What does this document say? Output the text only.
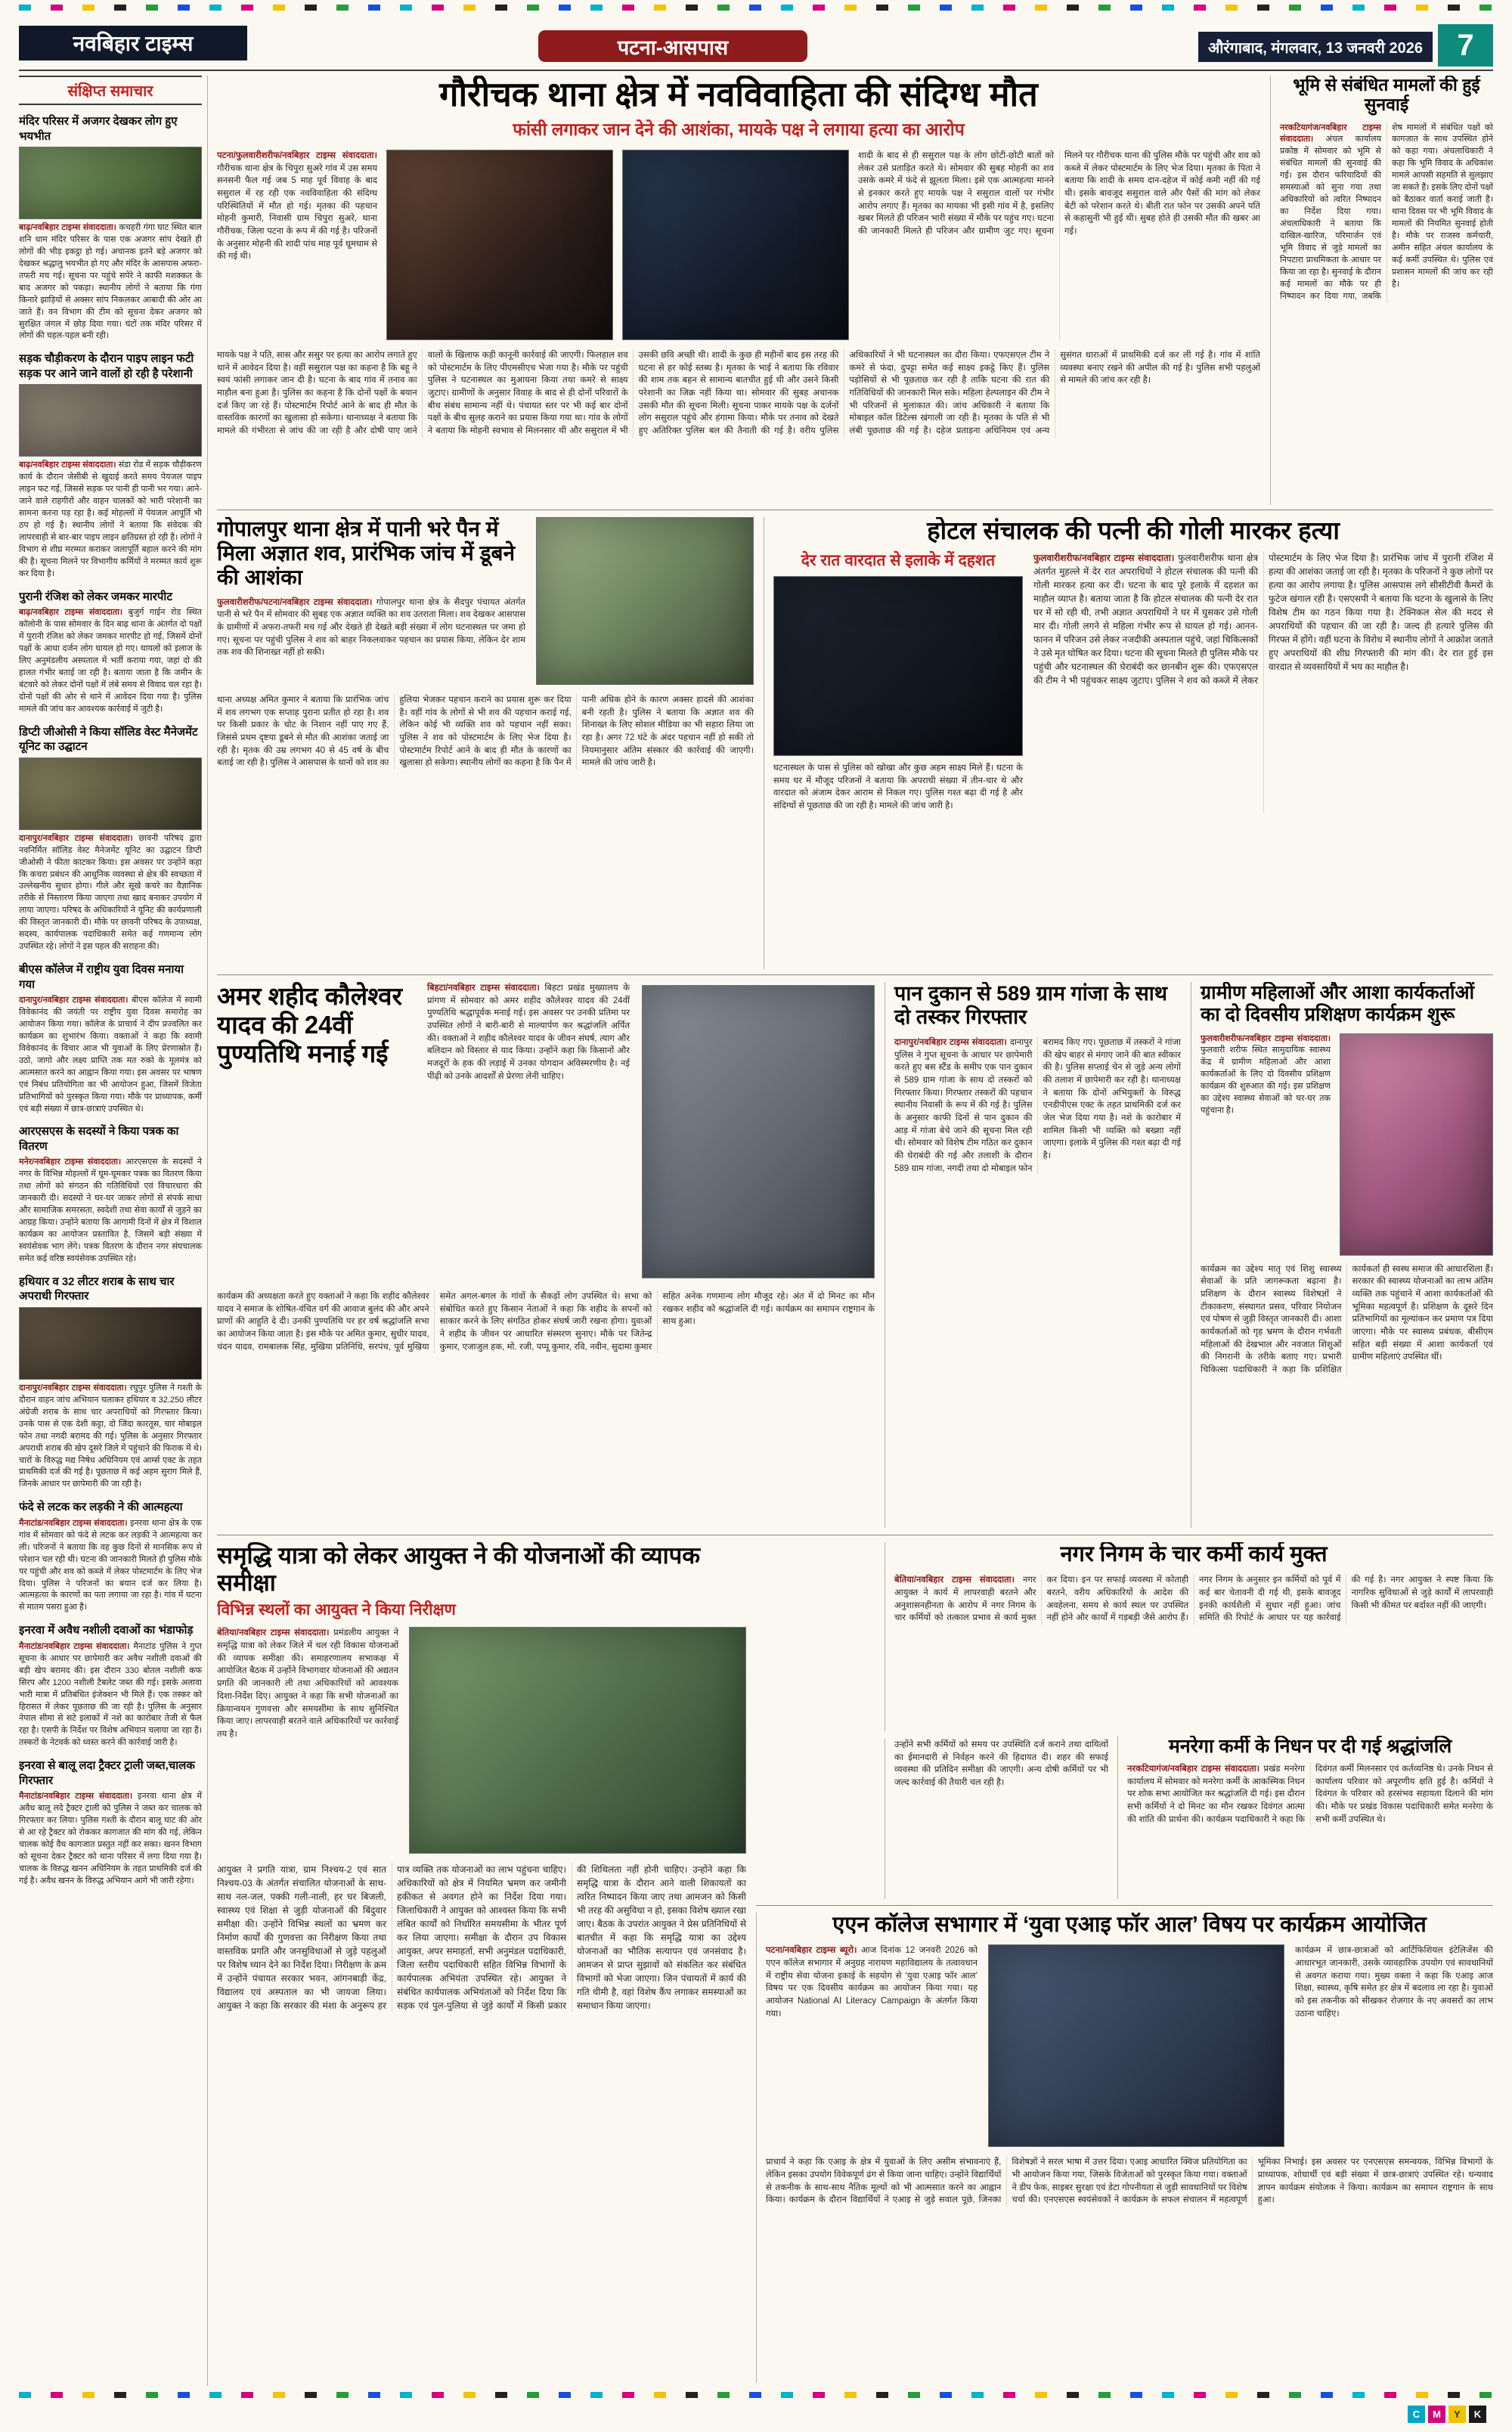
नवबिहार टाइम्स	पटना-आसपास	औरंगाबाद, मंगलवार, 13 जनवरी 2026 7
संक्षिप्त समाचार
मंदिर परिसर में अजगर देखकर लोग हुए भयभीत

बाढ़/नवबिहार टाइम्स संवाददाता। कचहरी गंगा घाट स्थित बाल शनि धाम मंदिर परिसर के पास एक अजगर सांप देखते ही लोगों की भीड़ इकट्ठा हो गई। अचानक इतने बड़े अजगर को देखकर श्रद्धालु भयभीत हो गए और मंदिर के आसपास अफरा-तफरी मच गई। सूचना पर पहुंचे सपेरे ने काफी मशक्कत के बाद अजगर को पकड़ा। स्थानीय लोगों ने बताया कि गंगा किनारे झाड़ियों से अक्सर सांप निकलकर आबादी की ओर आ जाते हैं। वन विभाग की टीम को सूचना देकर अजगर को सुरक्षित जंगल में छोड़ दिया गया। घंटों तक मंदिर परिसर में लोगों की चहल-पहल बनी रही।

सड़क चौड़ीकरण के दौरान पाइप लाइन फटी सड़क पर आने जाने वालों हो रही है परेशानी

बाढ़/नवबिहार टाइम्स संवाददाता। संडा रोड में सड़क चौड़ीकरण कार्य के दौरान जेसीबी से खुदाई करते समय पेयजल पाइप लाइन फट गई, जिससे सड़क पर पानी ही पानी भर गया। आने-जाने वाले राहगीरों और वाहन चालकों को भारी परेशानी का सामना करना पड़ रहा है। कई मोहल्लों में पेयजल आपूर्ति भी ठप हो गई है। स्थानीय लोगों ने बताया कि संवेदक की लापरवाही से बार-बार पाइप लाइन क्षतिग्रस्त हो रही है। लोगों ने विभाग से शीघ्र मरम्मत कराकर जलापूर्ति बहाल करने की मांग की है। सूचना मिलने पर विभागीय कर्मियों ने मरम्मत कार्य शुरू कर दिया है।

पुरानी रंजिश को लेकर जमकर मारपीट

बाढ़/नवबिहार टाइम्स संवाददाता। बुजुर्ग गाईन रोड स्थित कॉलोनी के पास सोमवार के दिन बाढ़ थाना के अंतर्गत दो पक्षों में पुरानी रंजिश को लेकर जमकर मारपीट हो गई, जिसमें दोनों पक्षों के आधा दर्जन लोग घायल हो गए। घायलों को इलाज के लिए अनुमंडलीय अस्पताल में भर्ती कराया गया, जहां दो की हालत गंभीर बताई जा रही है। बताया जाता है कि जमीन के बंटवारे को लेकर दोनों पक्षों में लंबे समय से विवाद चल रहा है। दोनों पक्षों की ओर से थाने में आवेदन दिया गया है। पुलिस मामले की जांच कर आवश्यक कार्रवाई में जुटी है।

डिप्टी जीओसी ने किया सॉलिड वेस्ट मैनेजमेंट यूनिट का उद्घाटन

दानापुर/नवबिहार टाइम्स संवाददाता। छावनी परिषद द्वारा नवनिर्मित सॉलिड वेस्ट मैनेजमेंट यूनिट का उद्घाटन डिप्टी जीओसी ने फीता काटकर किया। इस अवसर पर उन्होंने कहा कि कचरा प्रबंधन की आधुनिक व्यवस्था से क्षेत्र की स्वच्छता में उल्लेखनीय सुधार होगा। गीले और सूखे कचरे का वैज्ञानिक तरीके से निस्तारण किया जाएगा तथा खाद बनाकर उपयोग में लाया जाएगा। परिषद के अधिकारियों ने यूनिट की कार्यप्रणाली की विस्तृत जानकारी दी। मौके पर छावनी परिषद के उपाध्यक्ष, सदस्य, कार्यपालक पदाधिकारी समेत कई गणमान्य लोग उपस्थित रहे। लोगों ने इस पहल की सराहना की।

बीएस कॉलेज में राष्ट्रीय युवा दिवस मनाया गया

दानापुर/नवबिहार टाइम्स संवाददाता। बीएस कॉलेज में स्वामी विवेकानंद की जयंती पर राष्ट्रीय युवा दिवस समारोह का आयोजन किया गया। कॉलेज के प्राचार्य ने दीप प्रज्वलित कर कार्यक्रम का शुभारंभ किया। वक्ताओं ने कहा कि स्वामी विवेकानंद के विचार आज भी युवाओं के लिए प्रेरणास्रोत हैं। उठो, जागो और लक्ष्य प्राप्ति तक मत रुको के मूलमंत्र को आत्मसात करने का आह्वान किया गया। इस अवसर पर भाषण एवं निबंध प्रतियोगिता का भी आयोजन हुआ, जिसमें विजेता प्रतिभागियों को पुरस्कृत किया गया। मौके पर प्राध्यापक, कर्मी एवं बड़ी संख्या में छात्र-छात्राएं उपस्थित थे।

आरएसएस के सदस्यों ने किया पत्रक का वितरण

मनेर/नवबिहार टाइम्स संवाददाता। आरएसएस के सदस्यों ने नगर के विभिन्न मोहल्लों में घूम-घूमकर पत्रक का वितरण किया तथा लोगों को संगठन की गतिविधियों एवं विचारधारा की जानकारी दी। सदस्यों ने घर-घर जाकर लोगों से संपर्क साधा और सामाजिक समरसता, स्वदेशी तथा सेवा कार्यों से जुड़ने का आग्रह किया। उन्होंने बताया कि आगामी दिनों में क्षेत्र में विशाल कार्यक्रम का आयोजन प्रस्तावित है, जिसमें बड़ी संख्या में स्वयंसेवक भाग लेंगे। पत्रक वितरण के दौरान नगर संघचालक समेत कई वरिष्ठ स्वयंसेवक उपस्थित रहे।

हथियार व 32 लीटर शराब के साथ चार अपराधी गिरफ्तार

दानापुर/नवबिहार टाइम्स संवाददाता। रघुपुर पुलिस ने गश्ती के दौरान वाहन जांच अभियान चलाकर हथियार व 32.250 लीटर अंग्रेजी शराब के साथ चार अपराधियों को गिरफ्तार किया। उनके पास से एक देशी कट्टा, दो जिंदा कारतूस, चार मोबाइल फोन तथा नगदी बरामद की गई। पुलिस के अनुसार गिरफ्तार अपराधी शराब की खेप दूसरे जिले में पहुंचाने की फिराक में थे। चारों के विरुद्ध मद्य निषेध अधिनियम एवं आर्म्स एक्ट के तहत प्राथमिकी दर्ज की गई है। पूछताछ में कई अहम सुराग मिले हैं, जिनके आधार पर छापेमारी की जा रही है।

फंदे से लटक कर लड़की ने की आत्महत्या

मैनाटांड/नवबिहार टाइम्स संवाददाता। इनरवा थाना क्षेत्र के एक गांव में सोमवार को फंदे से लटक कर लड़की ने आत्महत्या कर ली। परिजनों ने बताया कि वह कुछ दिनों से मानसिक रूप से परेशान चल रही थी। घटना की जानकारी मिलते ही पुलिस मौके पर पहुंची और शव को कब्जे में लेकर पोस्टमार्टम के लिए भेज दिया। पुलिस ने परिजनों का बयान दर्ज कर लिया है। आत्महत्या के कारणों का पता लगाया जा रहा है। गांव में घटना से मातम पसरा हुआ है।

इनरवा में अवैध नशीली दवाओं का भंडाफोड़

मैनाटांड/नवबिहार टाइम्स संवाददाता। मैनाटांड पुलिस ने गुप्त सूचना के आधार पर छापेमारी कर अवैध नशीली दवाओं की बड़ी खेप बरामद की। इस दौरान 330 बोतल नशीली कफ सिरप और 1200 नशीली टैबलेट जब्त की गई। इसके अलावा भारी मात्रा में प्रतिबंधित इंजेक्शन भी मिले हैं। एक तस्कर को हिरासत में लेकर पूछताछ की जा रही है। पुलिस के अनुसार नेपाल सीमा से सटे इलाकों में नशे का कारोबार तेजी से फैल रहा है। एसपी के निर्देश पर विशेष अभियान चलाया जा रहा है। तस्करों के नेटवर्क को ध्वस्त करने की कार्रवाई जारी है।

इनरवा से बालू लदा ट्रैक्टर ट्राली जब्त,चालक गिरफ्तार

मैनाटांड/नवबिहार टाइम्स संवाददाता। इनरवा थाना क्षेत्र में अवैध बालू लदे ट्रैक्टर ट्राली को पुलिस ने जब्त कर चालक को गिरफ्तार कर लिया। पुलिस गश्ती के दौरान बालू घाट की ओर से आ रहे ट्रैक्टर को रोककर कागजात की मांग की गई, लेकिन चालक कोई वैध कागजात प्रस्तुत नहीं कर सका। खनन विभाग को सूचना देकर ट्रैक्टर को थाना परिसर में लगा दिया गया है। चालक के विरुद्ध खनन अधिनियम के तहत प्राथमिकी दर्ज की गई है। अवैध खनन के विरुद्ध अभियान आगे भी जारी रहेगा।

गौरीचक थाना क्षेत्र में नवविवाहिता की संदिग्ध मौत
फांसी लगाकर जान देने की आशंका, मायके पक्ष ने लगाया हत्या का आरोप

पटना/फुलवारीशरीफ/नवबिहार टाइम्स संवाददाता। गौरीचक थाना क्षेत्र के चिपुरा सुअरे गांव में उस समय सनसनी फैल गई जब 5 माह पूर्व विवाह के बाद ससुराल में रह रही एक नवविवाहिता की संदिग्ध परिस्थितियों में मौत हो गई। मृतका की पहचान मोहनी कुमारी, निवासी ग्राम चिपुरा सुअरे, थाना गौरीचक, जिला पटना के रूप में की गई है। परिजनों के अनुसार मोहनी की शादी पांच माह पूर्व धूमधाम से की गई थी।

शादी के बाद से ही ससुराल पक्ष के लोग छोटी-छोटी बातों को लेकर उसे प्रताड़ित करते थे। सोमवार की सुबह मोहनी का शव उसके कमरे में फंदे से झूलता मिला। इसे एक आत्महत्या मानने से इनकार करते हुए मायके पक्ष ने ससुराल वालों पर गंभीर आरोप लगाए हैं। मृतका का मायका भी इसी गांव में है, इसलिए खबर मिलते ही परिजन भारी संख्या में मौके पर पहुंच गए। घटना की जानकारी मिलते ही परिजन और ग्रामीण जुट गए। सूचना मिलने पर गौरीचक थाना की पुलिस मौके पर पहुंची और शव को कब्जे में लेकर पोस्टमार्टम के लिए भेज दिया। मृतका के पिता ने बताया कि शादी के समय दान-दहेज में कोई कमी नहीं की गई थी। इसके बावजूद ससुराल वाले और पैसों की मांग को लेकर बेटी को परेशान करते थे। बीती रात फोन पर उसकी अपने पति से कहासुनी भी हुई थी। सुबह होते ही उसकी मौत की खबर आ गई।

मायके पक्ष ने पति, सास और ससुर पर हत्या का आरोप लगाते हुए थाने में आवेदन दिया है। वहीं ससुराल पक्ष का कहना है कि बहू ने स्वयं फांसी लगाकर जान दी है। घटना के बाद गांव में तनाव का माहौल बना हुआ है। पुलिस का कहना है कि दोनों पक्षों के बयान दर्ज किए जा रहे हैं। पोस्टमार्टम रिपोर्ट आने के बाद ही मौत के वास्तविक कारणों का खुलासा हो सकेगा। थानाध्यक्ष ने बताया कि मामले की गंभीरता से जांच की जा रही है और दोषी पाए जाने वालों के खिलाफ कड़ी कानूनी कार्रवाई की जाएगी। फिलहाल शव को पोस्टमार्टम के लिए पीएमसीएच भेजा गया है। मौके पर पहुंची पुलिस ने घटनास्थल का मुआयना किया तथा कमरे से साक्ष्य जुटाए। ग्रामीणों के अनुसार विवाह के बाद से ही दोनों परिवारों के बीच संबंध सामान्य नहीं थे। पंचायत स्तर पर भी कई बार दोनों पक्षों के बीच सुलह कराने का प्रयास किया गया था। गांव के लोगों ने बताया कि मोहनी स्वभाव से मिलनसार थी और ससुराल में भी उसकी छवि अच्छी थी। शादी के कुछ ही महीनों बाद इस तरह की घटना से हर कोई स्तब्ध है। मृतका के भाई ने बताया कि रविवार की शाम तक बहन से सामान्य बातचीत हुई थी और उसने किसी परेशानी का जिक्र नहीं किया था। सोमवार की सुबह अचानक उसकी मौत की सूचना मिली। सूचना पाकर मायके पक्ष के दर्जनों लोग ससुराल पहुंचे और हंगामा किया। मौके पर तनाव को देखते हुए अतिरिक्त पुलिस बल की तैनाती की गई है। वरीय पुलिस अधिकारियों ने भी घटनास्थल का दौरा किया। एफएसएल टीम ने कमरे से फंदा, दुपट्टा समेत कई साक्ष्य इकट्ठे किए हैं। पुलिस पड़ोसियों से भी पूछताछ कर रही है ताकि घटना की रात की गतिविधियों की जानकारी मिल सके। महिला हेल्पलाइन की टीम ने भी परिजनों से मुलाकात की। जांच अधिकारी ने बताया कि मोबाइल कॉल डिटेल्स खंगाली जा रही है। मृतका के पति से भी लंबी पूछताछ की गई है। दहेज प्रताड़ना अधिनियम एवं अन्य सुसंगत धाराओं में प्राथमिकी दर्ज कर ली गई है। गांव में शांति व्यवस्था बनाए रखने की अपील की गई है। पुलिस सभी पहलुओं से मामले की जांच कर रही है।

भूमि से संबंधित मामलों की हुई सुनवाई

नरकटियागंज/नवबिहार टाइम्स संवाददाता। अंचल कार्यालय प्रकोष्ठ में सोमवार को भूमि से संबंधित मामलों की सुनवाई की गई। इस दौरान फरियादियों की समस्याओं को सुना गया तथा अधिकारियों को त्वरित निष्पादन का निर्देश दिया गया। अंचलाधिकारी ने बताया कि दाखिल-खारिज, परिमार्जन एवं भूमि विवाद से जुड़े मामलों का निपटारा प्राथमिकता के आधार पर किया जा रहा है। सुनवाई के दौरान कई मामलों का मौके पर ही निष्पादन कर दिया गया, जबकि शेष मामलों में संबंधित पक्षों को कागजात के साथ उपस्थित होने को कहा गया। अंचलाधिकारी ने कहा कि भूमि विवाद के अधिकांश मामले आपसी सहमति से सुलझाए जा सकते हैं। इसके लिए दोनों पक्षों को बैठाकर वार्ता कराई जाती है। थाना दिवस पर भी भूमि विवाद के मामलों की नियमित सुनवाई होती है। मौके पर राजस्व कर्मचारी, अमीन सहित अंचल कार्यालय के कई कर्मी उपस्थित थे। पुलिस एवं प्रशासन मामलों की जांच कर रही है।

गोपालपुर थाना क्षेत्र में पानी भरे पैन में मिला अज्ञात शव, प्रारंभिक जांच में डूबने की आशंका

फुलवारीशरीफ/पटना/नवबिहार टाइम्स संवाददाता। गोपालपुर थाना क्षेत्र के सैदपुर पंचायत अंतर्गत पानी से भरे पैन में सोमवार की सुबह एक अज्ञात व्यक्ति का शव उतराता मिला। शव देखकर आसपास के ग्रामीणों में अफरा-तफरी मच गई और देखते ही देखते बड़ी संख्या में लोग घटनास्थल पर जमा हो गए। सूचना पर पहुंची पुलिस ने शव को बाहर निकलवाकर पहचान का प्रयास किया, लेकिन देर शाम तक शव की शिनाख्त नहीं हो सकी।

थाना अध्यक्ष अमित कुमार ने बताया कि प्रारंभिक जांच में शव लगभग एक सप्ताह पुराना प्रतीत हो रहा है। शव पर किसी प्रकार के चोट के निशान नहीं पाए गए हैं, जिससे प्रथम दृष्टया डूबने से मौत की आशंका जताई जा रही है। मृतक की उम्र लगभग 40 से 45 वर्ष के बीच बताई जा रही है। पुलिस ने आसपास के थानों को शव का हुलिया भेजकर पहचान कराने का प्रयास शुरू कर दिया है। वहीं गांव के लोगों से भी शव की पहचान कराई गई, लेकिन कोई भी व्यक्ति शव को पहचान नहीं सका। पुलिस ने शव को पोस्टमार्टम के लिए भेज दिया है। पोस्टमार्टम रिपोर्ट आने के बाद ही मौत के कारणों का खुलासा हो सकेगा। स्थानीय लोगों का कहना है कि पैन में पानी अधिक होने के कारण अक्सर हादसे की आशंका बनी रहती है। पुलिस ने बताया कि अज्ञात शव की शिनाख्त के लिए सोशल मीडिया का भी सहारा लिया जा रहा है। अगर 72 घंटे के अंदर पहचान नहीं हो सकी तो नियमानुसार अंतिम संस्कार की कार्रवाई की जाएगी। मामले की जांच जारी है।

होटल संचालक की पत्नी की गोली मारकर हत्या
देर रात वारदात से इलाके में दहशत

घटनास्थल के पास से पुलिस को खोखा और कुछ अहम साक्ष्य मिले हैं। घटना के समय घर में मौजूद परिजनों ने बताया कि अपराधी संख्या में तीन-चार थे और वारदात को अंजाम देकर आराम से निकल गए। पुलिस गश्त बढ़ा दी गई है और संदिग्धों से पूछताछ की जा रही है। मामले की जांच जारी है।

फुलवारीशरीफ/नवबिहार टाइम्स संवाददाता। फुलवारीशरीफ थाना क्षेत्र अंतर्गत मुहल्ले में देर रात अपराधियों ने होटल संचालक की पत्नी की गोली मारकर हत्या कर दी। घटना के बाद पूरे इलाके में दहशत का माहौल व्याप्त है। बताया जाता है कि होटल संचालक की पत्नी देर रात घर में सो रही थी, तभी अज्ञात अपराधियों ने घर में घुसकर उसे गोली मार दी। गोली लगने से महिला गंभीर रूप से घायल हो गई। आनन-फानन में परिजन उसे लेकर नजदीकी अस्पताल पहुंचे, जहां चिकित्सकों ने उसे मृत घोषित कर दिया। घटना की सूचना मिलते ही पुलिस मौके पर पहुंची और घटनास्थल की घेराबंदी कर छानबीन शुरू की। एफएसएल की टीम ने भी पहुंचकर साक्ष्य जुटाए। पुलिस ने शव को कब्जे में लेकर पोस्टमार्टम के लिए भेज दिया है। प्रारंभिक जांच में पुरानी रंजिश में हत्या की आशंका जताई जा रही है। मृतका के परिजनों ने कुछ लोगों पर हत्या का आरोप लगाया है। पुलिस आसपास लगे सीसीटीवी कैमरों के फुटेज खंगाल रही है। एसएसपी ने बताया कि घटना के खुलासे के लिए विशेष टीम का गठन किया गया है। टेक्निकल सेल की मदद से अपराधियों की पहचान की जा रही है। जल्द ही हत्यारे पुलिस की गिरफ्त में होंगे। वहीं घटना के विरोध में स्थानीय लोगों ने आक्रोश जताते हुए अपराधियों की शीघ्र गिरफ्तारी की मांग की। देर रात हुई इस वारदात से व्यवसायियों में भय का माहौल है।

अमर शहीद कौलेश्वर यादव की 24वीं पुण्यतिथि मनाई गई

बिहटा/नवबिहार टाइम्स संवाददाता। बिहटा प्रखंड मुख्यालय के प्रांगण में सोमवार को अमर शहीद कौलेश्वर यादव की 24वीं पुण्यतिथि श्रद्धापूर्वक मनाई गई। इस अवसर पर उनकी प्रतिमा पर उपस्थित लोगों ने बारी-बारी से माल्यार्पण कर श्रद्धांजलि अर्पित की। वक्ताओं ने शहीद कौलेश्वर यादव के जीवन संघर्ष, त्याग और बलिदान को विस्तार से याद किया। उन्होंने कहा कि किसानों और मजदूरों के हक की लड़ाई में उनका योगदान अविस्मरणीय है। नई पीढ़ी को उनके आदर्शों से प्रेरणा लेनी चाहिए।

कार्यक्रम की अध्यक्षता करते हुए वक्ताओं ने कहा कि शहीद कौलेश्वर यादव ने समाज के शोषित-वंचित वर्ग की आवाज बुलंद की और अपने प्राणों की आहुति दे दी। उनकी पुण्यतिथि पर हर वर्ष श्रद्धांजलि सभा का आयोजन किया जाता है। इस मौके पर अमित कुमार, सुधीर यादव, चंदन यादव, रामबालक सिंह, मुखिया प्रतिनिधि, सरपंच, पूर्व मुखिया समेत अगल-बगल के गांवों के सैकड़ों लोग उपस्थित थे। सभा को संबोधित करते हुए किसान नेताओं ने कहा कि शहीद के सपनों को साकार करने के लिए संगठित होकर संघर्ष जारी रखना होगा। युवाओं ने शहीद के जीवन पर आधारित संस्मरण सुनाए। मौके पर जितेन्द्र कुमार, एजाजुल हक, मो. रजी, पप्पू कुमार, रवि, नवीन, सुदामा कुमार सहित अनेक गणमान्य लोग मौजूद रहे। अंत में दो मिनट का मौन रखकर शहीद को श्रद्धांजलि दी गई। कार्यक्रम का समापन राष्ट्रगान के साथ हुआ।

पान दुकान से 589 ग्राम गांजा के साथ दो तस्कर गिरफ्तार

दानापुर/नवबिहार टाइम्स संवाददाता। दानापुर पुलिस ने गुप्त सूचना के आधार पर छापेमारी करते हुए बस स्टैंड के समीप एक पान दुकान से 589 ग्राम गांजा के साथ दो तस्करों को गिरफ्तार किया। गिरफ्तार तस्करों की पहचान स्थानीय निवासी के रूप में की गई है। पुलिस के अनुसार काफी दिनों से पान दुकान की आड़ में गांजा बेचे जाने की सूचना मिल रही थी। सोमवार को विशेष टीम गठित कर दुकान की घेराबंदी की गई और तलाशी के दौरान 589 ग्राम गांजा, नगदी तथा दो मोबाइल फोन बरामद किए गए। पूछताछ में तस्करों ने गांजा की खेप बाहर से मंगाए जाने की बात स्वीकार की है। पुलिस सप्लाई चेन से जुड़े अन्य लोगों की तलाश में छापेमारी कर रही है। थानाध्यक्ष ने बताया कि दोनों अभियुक्तों के विरुद्ध एनडीपीएस एक्ट के तहत प्राथमिकी दर्ज कर जेल भेज दिया गया है। नशे के कारोबार में शामिल किसी भी व्यक्ति को बख्शा नहीं जाएगा। इलाके में पुलिस की गश्त बढ़ा दी गई है।

ग्रामीण महिलाओं और आशा कार्यकर्ताओं का दो दिवसीय प्रशिक्षण कार्यक्रम शुरू

फुलवारीशरीफ/नवबिहार टाइम्स संवाददाता। फुलवारी शरीफ स्थित सामुदायिक स्वास्थ्य केंद्र में ग्रामीण महिलाओं और आशा कार्यकर्ताओं के लिए दो दिवसीय प्रशिक्षण कार्यक्रम की शुरुआत की गई। इस प्रशिक्षण का उद्देश्य स्वास्थ्य सेवाओं को घर-घर तक पहुंचाना है।

कार्यक्रम का उद्देश्य मातृ एवं शिशु स्वास्थ्य सेवाओं के प्रति जागरूकता बढ़ाना है। प्रशिक्षण के दौरान स्वास्थ्य विशेषज्ञों ने टीकाकरण, संस्थागत प्रसव, परिवार नियोजन एवं पोषण से जुड़ी विस्तृत जानकारी दी। आशा कार्यकर्ताओं को गृह भ्रमण के दौरान गर्भवती महिलाओं की देखभाल और नवजात शिशुओं की निगरानी के तरीके बताए गए। प्रभारी चिकित्सा पदाधिकारी ने कहा कि प्रशिक्षित कार्यकर्ता ही स्वस्थ समाज की आधारशिला हैं। सरकार की स्वास्थ्य योजनाओं का लाभ अंतिम व्यक्ति तक पहुंचाने में आशा कार्यकर्ताओं की भूमिका महत्वपूर्ण है। प्रशिक्षण के दूसरे दिन प्रतिभागियों का मूल्यांकन कर प्रमाण पत्र दिया जाएगा। मौके पर स्वास्थ्य प्रबंधक, बीसीएम सहित बड़ी संख्या में आशा कार्यकर्ता एवं ग्रामीण महिलाएं उपस्थित थीं।

समृद्धि यात्रा को लेकर आयुक्त ने की योजनाओं की व्यापक समीक्षा
विभिन्न स्थलों का आयुक्त ने किया निरीक्षण

बेतिया/नवबिहार टाइम्स संवाददाता। प्रमंडलीय आयुक्त ने समृद्धि यात्रा को लेकर जिले में चल रही विकास योजनाओं की व्यापक समीक्षा की। समाहरणालय सभाकक्ष में आयोजित बैठक में उन्होंने विभागवार योजनाओं की अद्यतन प्रगति की जानकारी ली तथा अधिकारियों को आवश्यक दिशा-निर्देश दिए। आयुक्त ने कहा कि सभी योजनाओं का क्रियान्वयन गुणवत्ता और समयसीमा के साथ सुनिश्चित किया जाए। लापरवाही बरतने वाले अधिकारियों पर कार्रवाई तय है।

आयुक्त ने प्रगति यात्रा, ग्राम निश्चय-2 एवं सात निश्चय-03 के अंतर्गत संचालित योजनाओं के साथ-साथ नल-जल, पक्की गली-नाली, हर घर बिजली, स्वास्थ्य एवं शिक्षा से जुड़ी योजनाओं की बिंदुवार समीक्षा की। उन्होंने विभिन्न स्थलों का भ्रमण कर निर्माण कार्यों की गुणवत्ता का निरीक्षण किया तथा वास्तविक प्रगति और जनसुविधाओं से जुड़े पहलुओं पर विशेष ध्यान देने का निर्देश दिया। निरीक्षण के क्रम में उन्होंने पंचायत सरकार भवन, आंगनबाड़ी केंद्र, विद्यालय एवं अस्पताल का भी जायजा लिया। आयुक्त ने कहा कि सरकार की मंशा के अनुरूप हर पात्र व्यक्ति तक योजनाओं का लाभ पहुंचना चाहिए। अधिकारियों को क्षेत्र में नियमित भ्रमण कर जमीनी हकीकत से अवगत होने का निर्देश दिया गया। जिलाधिकारी ने आयुक्त को आश्वस्त किया कि सभी लंबित कार्यों को निर्धारित समयसीमा के भीतर पूर्ण कर लिया जाएगा। समीक्षा के दौरान उप विकास आयुक्त, अपर समाहर्ता, सभी अनुमंडल पदाधिकारी, जिला स्तरीय पदाधिकारी सहित विभिन्न विभागों के कार्यपालक अभियंता उपस्थित रहे। आयुक्त ने संबंधित कार्यपालक अभियंताओं को निर्देश दिया कि सड़क एवं पुल-पुलिया से जुड़े कार्यों में किसी प्रकार की शिथिलता नहीं होनी चाहिए। उन्होंने कहा कि समृद्धि यात्रा के दौरान आने वाली शिकायतों का त्वरित निष्पादन किया जाए तथा आमजन को किसी भी तरह की असुविधा न हो, इसका विशेष ख्याल रखा जाए। बैठक के उपरांत आयुक्त ने प्रेस प्रतिनिधियों से बातचीत में कहा कि समृद्धि यात्रा का उद्देश्य योजनाओं का भौतिक सत्यापन एवं जनसंवाद है। आमजन से प्राप्त सुझावों को संकलित कर संबंधित विभागों को भेजा जाएगा। जिन पंचायतों में कार्य की गति धीमी है, वहां विशेष कैंप लगाकर समस्याओं का समाधान किया जाएगा।

नगर निगम के चार कर्मी कार्य मुक्त

बेतिया/नवबिहार टाइम्स संवाददाता। नगर आयुक्त ने कार्य में लापरवाही बरतने और अनुशासनहीनता के आरोप में नगर निगम के चार कर्मियों को तत्काल प्रभाव से कार्य मुक्त कर दिया। इन पर सफाई व्यवस्था में कोताही बरतने, वरीय अधिकारियों के आदेश की अवहेलना, समय से कार्य स्थल पर उपस्थित नहीं होने और कार्यों में गड़बड़ी जैसे आरोप हैं। नगर निगम के अनुसार इन कर्मियों को पूर्व में कई बार चेतावनी दी गई थी, इसके बावजूद इनकी कार्यशैली में सुधार नहीं हुआ। जांच समिति की रिपोर्ट के आधार पर यह कार्रवाई की गई है। नगर आयुक्त ने स्पष्ट किया कि नागरिक सुविधाओं से जुड़े कार्यों में लापरवाही किसी भी कीमत पर बर्दाश्त नहीं की जाएगी।

उन्होंने सभी कर्मियों को समय पर उपस्थिति दर्ज कराने तथा दायित्वों का ईमानदारी से निर्वहन करने की हिदायत दी। शहर की सफाई व्यवस्था की प्रतिदिन समीक्षा की जाएगी। अन्य दोषी कर्मियों पर भी जल्द कार्रवाई की तैयारी चल रही है।

मनरेगा कर्मी के निधन पर दी गई श्रद्धांजलि

नरकटियागंज/नवबिहार टाइम्स संवाददाता। प्रखंड मनरेगा कार्यालय में सोमवार को मनरेगा कर्मी के आकस्मिक निधन पर शोक सभा आयोजित कर श्रद्धांजलि दी गई। इस दौरान सभी कर्मियों ने दो मिनट का मौन रखकर दिवंगत आत्मा की शांति की प्रार्थना की। कार्यक्रम पदाधिकारी ने कहा कि दिवंगत कर्मी मिलनसार एवं कर्तव्यनिष्ठ थे। उनके निधन से कार्याल‍य परिवार को अपूरणीय क्षति हुई है। कर्मियों ने दिवंगत के परिवार को हरसंभव सहायता दिलाने की मांग की। मौके पर प्रखंड विकास पदाधिकारी समेत मनरेगा के सभी कर्मी उपस्थित थे।

एएन कॉलेज सभागार में ‘युवा एआइ फॉर आल’ विषय पर कार्यक्रम आयोजित

पटना/नवबिहार टाइम्स ब्यूरो। आज दिनांक 12 जनवरी 2026 को एएन कॉलेज सभागार में अनुग्रह नारायण महाविद्यालय के तत्वावधान में राष्ट्रीय सेवा योजना इकाई के सहयोग से ‘युवा एआइ फॉर आल’ विषय पर एक दिवसीय कार्यक्रम का आयोजन किया गया। यह आयोजन National AI Literacy Campaign के अंतर्गत किया गया।

कार्यक्रम में छात्र-छात्राओं को आर्टिफिशियल इंटेलिजेंस की आधारभूत जानकारी, उसके व्यावहारिक उपयोग एवं सावधानियों से अवगत कराया गया। मुख्य वक्ता ने कहा कि एआइ आज शिक्षा, स्वास्थ्य, कृषि समेत हर क्षेत्र में बदलाव ला रहा है। युवाओं को इस तकनीक को सीखकर रोजगार के नए अवसरों का लाभ उठाना चाहिए।

प्राचार्य ने कहा कि एआइ के क्षेत्र में युवाओं के लिए असीम संभावनाएं हैं, लेकिन इसका उपयोग विवेकपूर्ण ढंग से किया जाना चाहिए। उन्होंने विद्यार्थियों से तकनीक के साथ-साथ नैतिक मूल्यों को भी आत्मसात करने का आह्वान किया। कार्यक्रम के दौरान विद्यार्थियों ने एआइ से जुड़े सवाल पूछे, जिनका विशेषज्ञों ने सरल भाषा में उत्तर दिया। एआइ आधारित क्विज प्रतियोगिता का भी आयोजन किया गया, जिसके विजेताओं को पुरस्कृत किया गया। वक्ताओं ने डीप फेक, साइबर सुरक्षा एवं डेटा गोपनीयता से जुड़ी सावधानियों पर विशेष चर्चा की। एनएसएस स्वयंसेवकों ने कार्यक्रम के सफल संचालन में महत्वपूर्ण भूमिका निभाई। इस अवसर पर एनएसएस समन्वयक, विभिन्न विभागों के प्राध्यापक, शोधार्थी एवं बड़ी संख्या में छात्र-छात्राएं उपस्थित रहे। धन्यवाद ज्ञापन कार्यक्रम संयोजक ने किया। कार्यक्रम का समापन राष्ट्रगान के साथ हुआ।

C M Y K
